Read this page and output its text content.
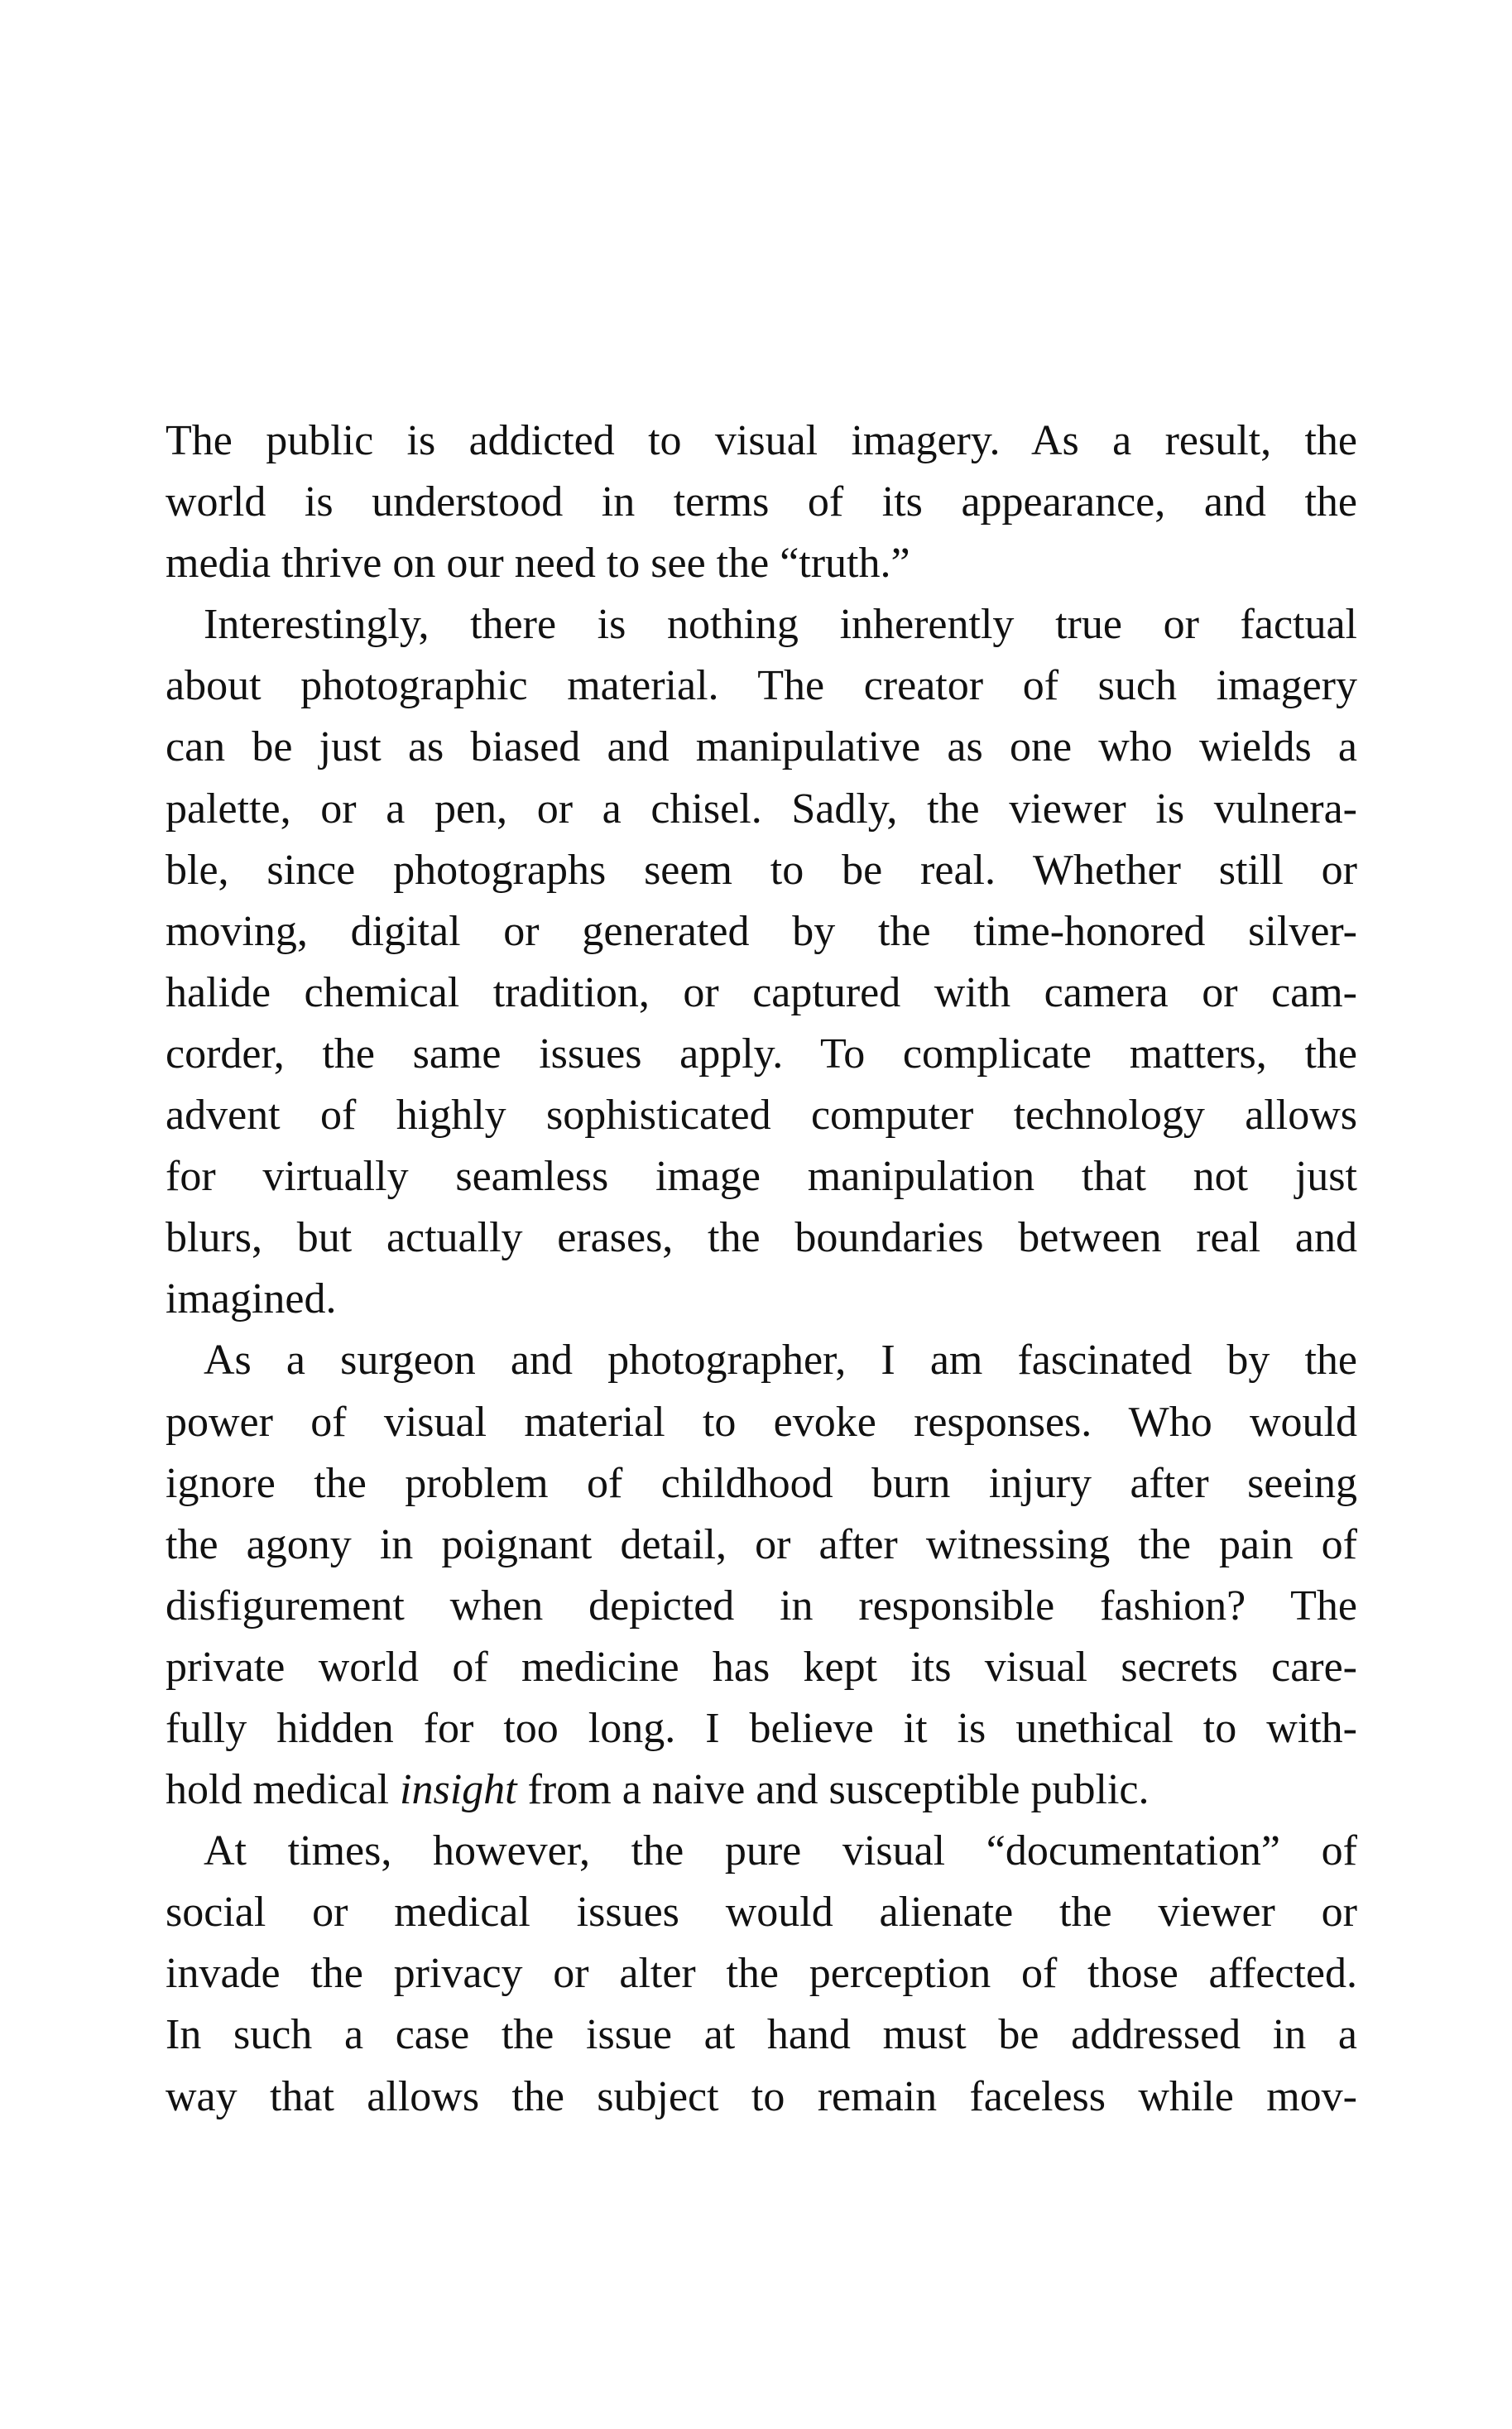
The public is addicted to visual imagery. As a result, the
world is understood in terms of its appearance, and the
media thrive on our need to see the “truth.”
Interestingly, there is nothing inherently true or factual
about photographic material. The creator of such imagery
can be just as biased and manipulative as one who wields a
palette, or a pen, or a chisel. Sadly, the viewer is vulnera-
ble, since photographs seem to be real. Whether still or
moving, digital or generated by the time-honored silver-
halide chemical tradition, or captured with camera or cam-
corder, the same issues apply. To complicate matters, the
advent of highly sophisticated computer technology allows
for virtually seamless image manipulation that not just
blurs, but actually erases, the boundaries between real and
imagined.
As a surgeon and photographer, I am fascinated by the
power of visual material to evoke responses. Who would
ignore the problem of childhood burn injury after seeing
the agony in poignant detail, or after witnessing the pain of
disfigurement when depicted in responsible fashion? The
private world of medicine has kept its visual secrets care-
fully hidden for too long. I believe it is unethical to with-
hold medical insight from a naive and susceptible public.
At times, however, the pure visual “documentation” of
social or medical issues would alienate the viewer or
invade the privacy or alter the perception of those affected.
In such a case the issue at hand must be addressed in a
way that allows the subject to remain faceless while mov-
